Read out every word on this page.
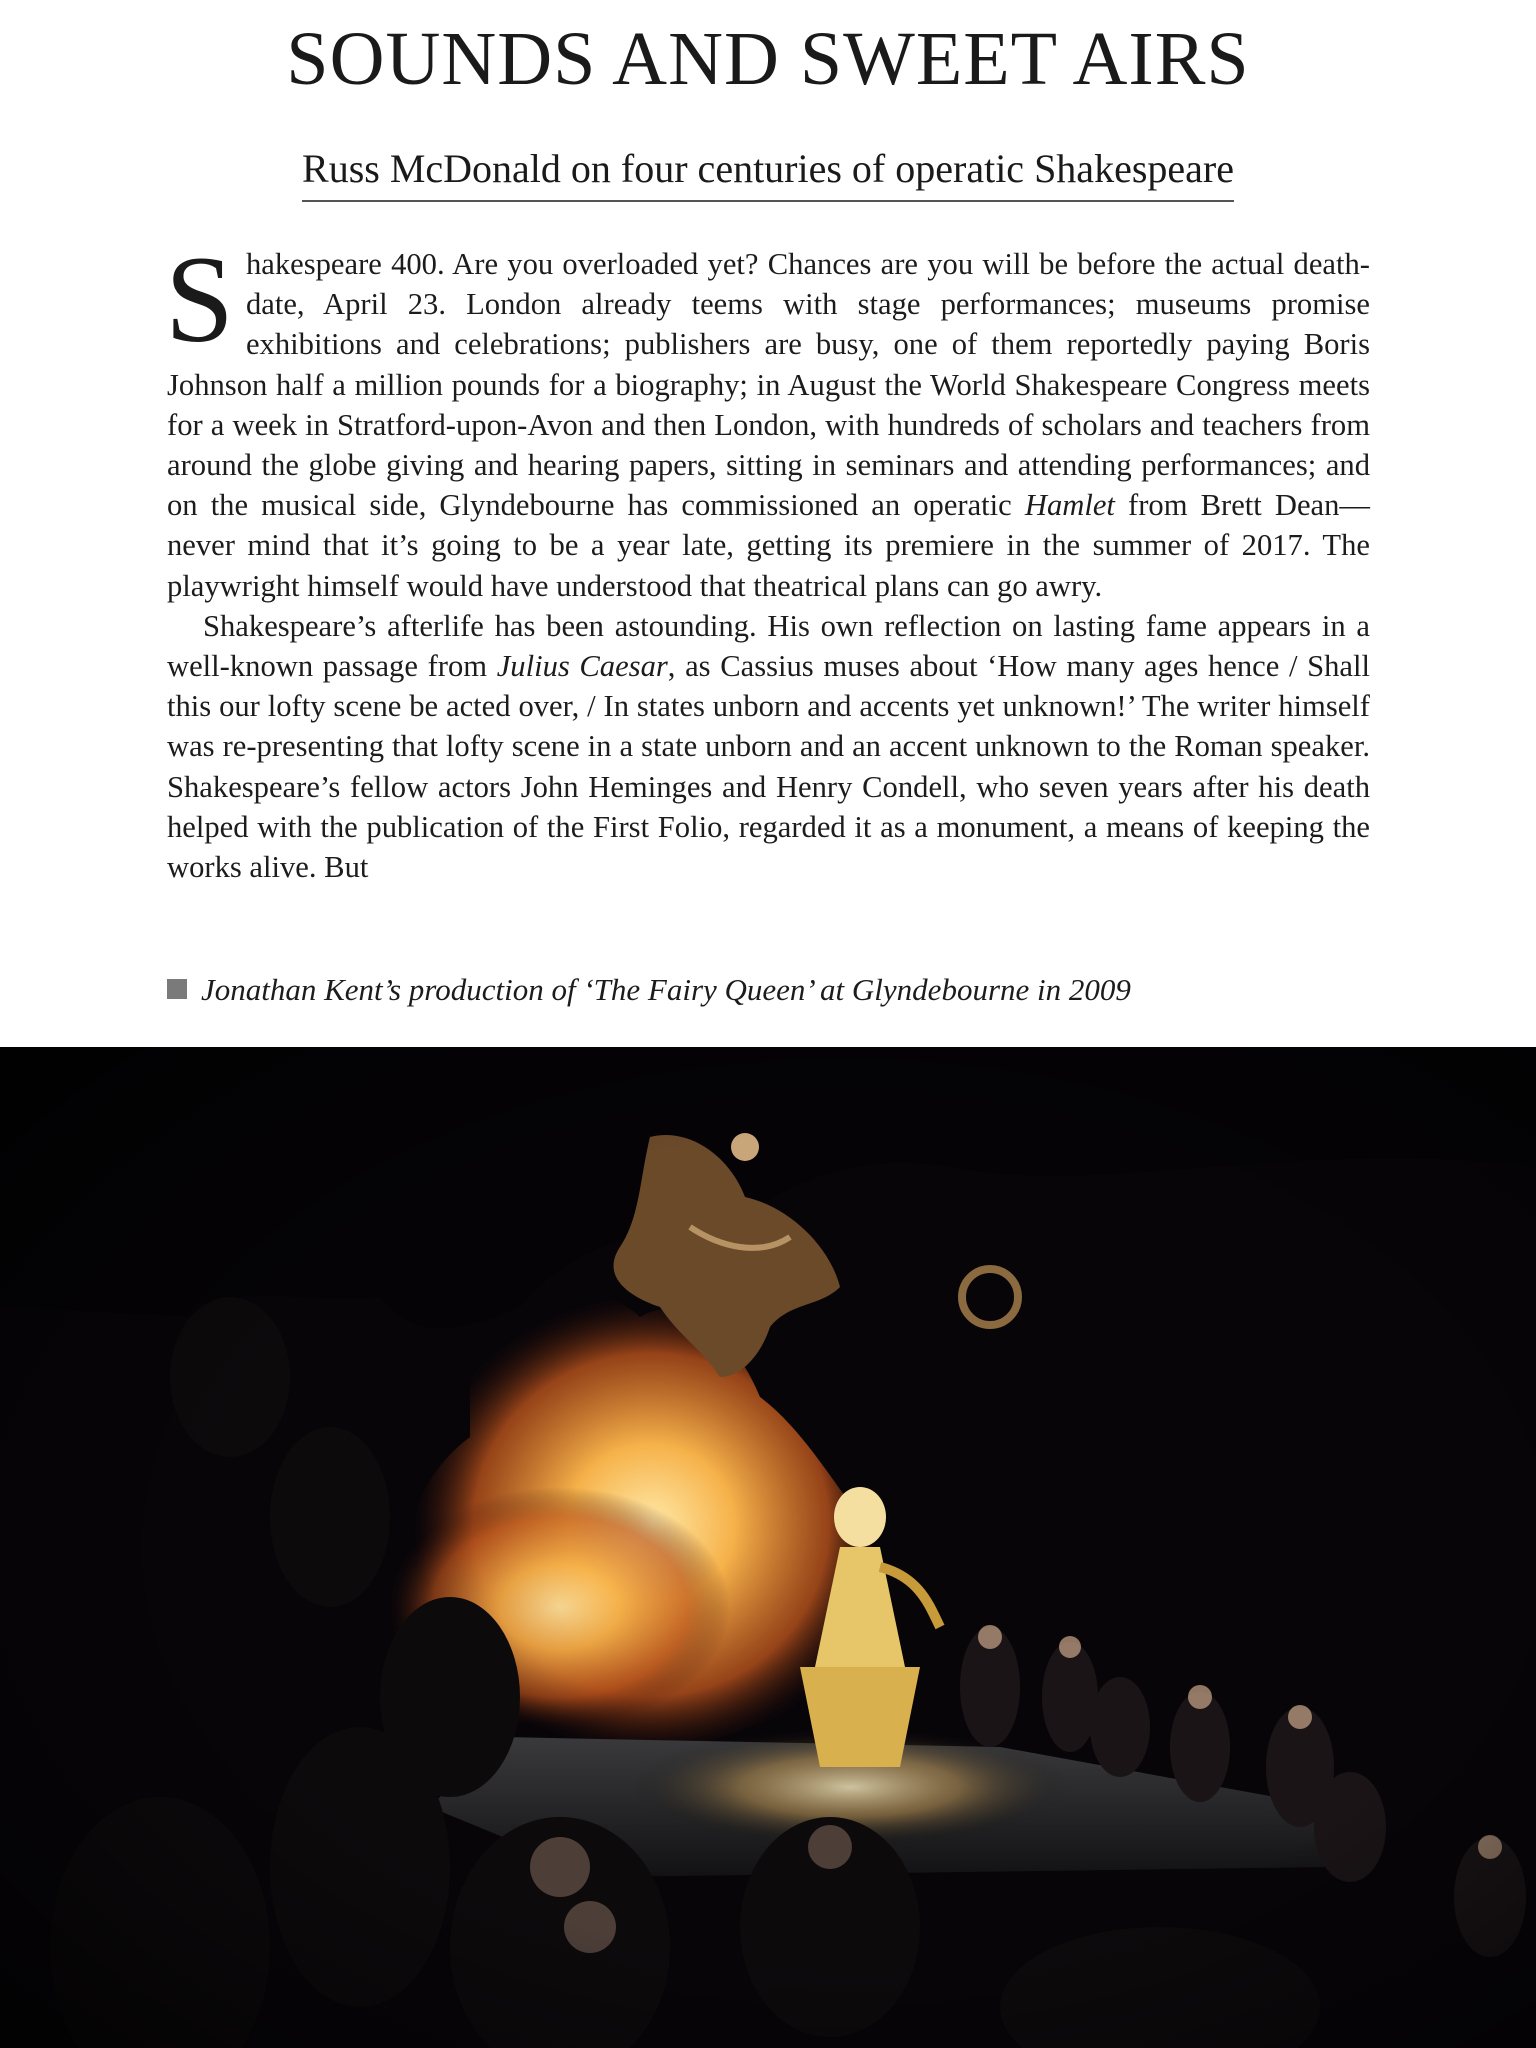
SOUNDS AND SWEET AIRS
Russ McDonald on four centuries of operatic Shakespeare

Shakespeare 400. Are you overloaded yet? Chances are you will be before the actual death-date, April 23. London already teems with stage performances; museums promise exhibitions and celebrations; publishers are busy, one of them reportedly paying Boris Johnson half a million pounds for a biography; in August the World Shakespeare Congress meets for a week in Stratford-upon-Avon and then London, with hundreds of scholars and teachers from around the globe giving and hearing papers, sitting in seminars and attending performances; and on the musical side, Glyndebourne has commissioned an operatic Hamlet from Brett Dean—never mind that it’s going to be a year late, getting its premiere in the summer of 2017. The playwright himself would have understood that theatrical plans can go awry.

Shakespeare’s afterlife has been astounding. His own reflection on lasting fame appears in a well-known passage from Julius Caesar, as Cassius muses about ‘How many ages hence / Shall this our lofty scene be acted over, / In states unborn and accents yet unknown!’ The writer himself was re-presenting that lofty scene in a state unborn and an accent unknown to the Roman speaker. Shakespeare’s fellow actors John Heminges and Henry Condell, who seven years after his death helped with the publication of the First Folio, regarded it as a monument, a means of keeping the works alive. But

Jonathan Kent’s production of ‘The Fairy Queen’ at Glyndebourne in 2009
